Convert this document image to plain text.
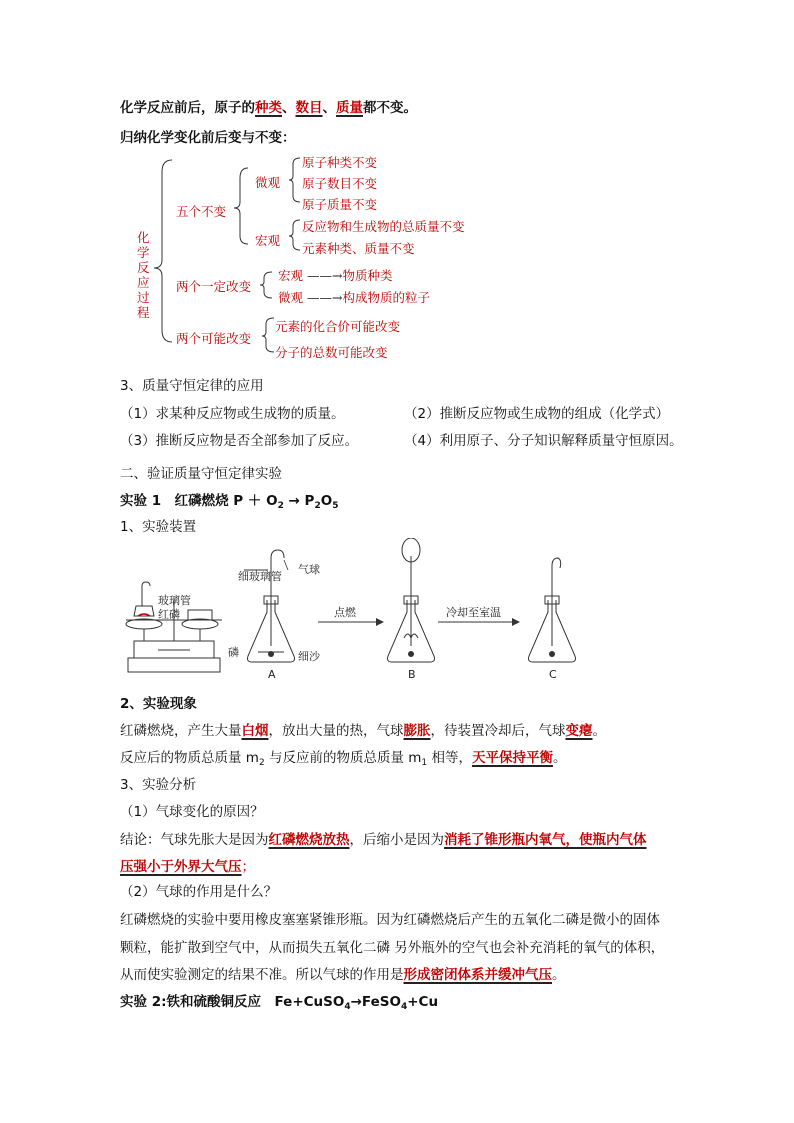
化学反应前后，原子的种类、数目、质量都不变。
归纳化学变化前后变与不变：
化
学
反
应
过
程
五个不变
微观
原子种类不变
原子数目不变
原子质量不变
宏观
反应物和生成物的总质量不变
元素种类、质量不变
两个一定改变
宏观 ——→物质种类
微观 ——→构成物质的粒子
两个可能改变
元素的化合价可能改变
分子的总数可能改变
3、质量守恒定律的应用
（1）求某种反应物或生成物的质量。	（2）推断反应物或生成物的组成（化学式）
（3）推断反应物是否全部参加了反应。	（4）利用原子、分子知识解释质量守恒原因。
二、验证质量守恒定律实验
实验 1　红磷燃烧 $P + O_2 \to P_2O_5$
1、实验装置
玻璃管
红磷
细玻璃管
气球
磷	细沙
A
点燃
B
冷却至室温
C
2、实验现象
红磷燃烧，产生大量白烟，放出大量的热，气球膨胀，待装置冷却后，气球变瘪。
反应后的物质总质量 $m_2$ 与反应前的物质总质量 $m_1$ 相等，天平保持平衡。
3、实验分析
（1）气球变化的原因？
结论：气球先胀大是因为红磷燃烧放热，后缩小是因为消耗了锥形瓶内氧气，使瓶内气体
压强小于外界大气压；
（2）气球的作用是什么？
红磷燃烧的实验中要用橡皮塞塞紧锥形瓶。因为红磷燃烧后产生的五氧化二磷是微小的固体
颗粒，能扩散到空气中，从而损失五氧化二磷 另外瓶外的空气也会补充消耗的氧气的体积，
从而使实验测定的结果不准。所以气球的作用是形成密闭体系并缓冲气压。
实验 2:铁和硫酸铜反应　Fe+CuSO$_4$→FeSO$_4$+Cu
